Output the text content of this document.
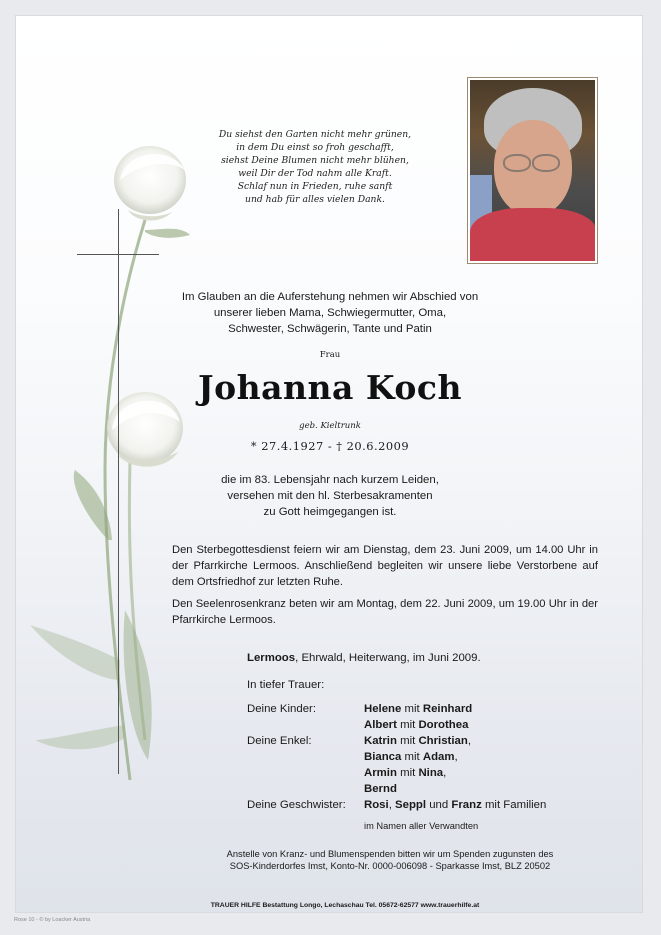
Du siehst den Garten nicht mehr grünen,
in dem Du einst so froh geschafft,
siehst Deine Blumen nicht mehr blühen,
weil Dir der Tod nahm alle Kraft.
Schlaf nun in Frieden, ruhe sanft
und hab für alles vielen Dank.
Im Glauben an die Auferstehung nehmen wir Abschied von
unserer lieben Mama, Schwiegermutter, Oma,
Schwester, Schwägerin, Tante und Patin
Frau
Johanna Koch
geb. Kieltrunk
* 27.4.1927 - † 20.6.2009
die im 83. Lebensjahr nach kurzem Leiden,
versehen mit den hl. Sterbesakramenten
zu Gott heimgegangen ist.
Den Sterbegottesdienst feiern wir am Dienstag, dem 23. Juni 2009, um 14.00 Uhr in der Pfarrkirche Lermoos. Anschließend begleiten wir unsere liebe Verstorbene auf dem Ortsfriedhof zur letzten Ruhe.
Den Seelenrosenkranz beten wir am Montag, dem 22. Juni 2009, um 19.00 Uhr in der Pfarrkirche Lermoos.
Lermoos, Ehrwald, Heiterwang, im Juni 2009.
In tiefer Trauer:
Deine Kinder:	Helene mit Reinhard
Albert mit Dorothea
Deine Enkel:	Katrin mit Christian,
Bianca mit Adam,
Armin mit Nina,
Bernd
Deine Geschwister: Rosi, Seppl und Franz mit Familien
im Namen aller Verwandten
Anstelle von Kranz- und Blumenspenden bitten wir um Spenden zugunsten des
SOS-Kinderdorfes Imst, Konto-Nr. 0000-006098 - Sparkasse Imst, BLZ 20502
TRAUER HILFE Bestattung Longo, Lechaschau Tel. 05672-62577 www.trauerhilfe.at
Rose 10 - © by Loacker Austria
